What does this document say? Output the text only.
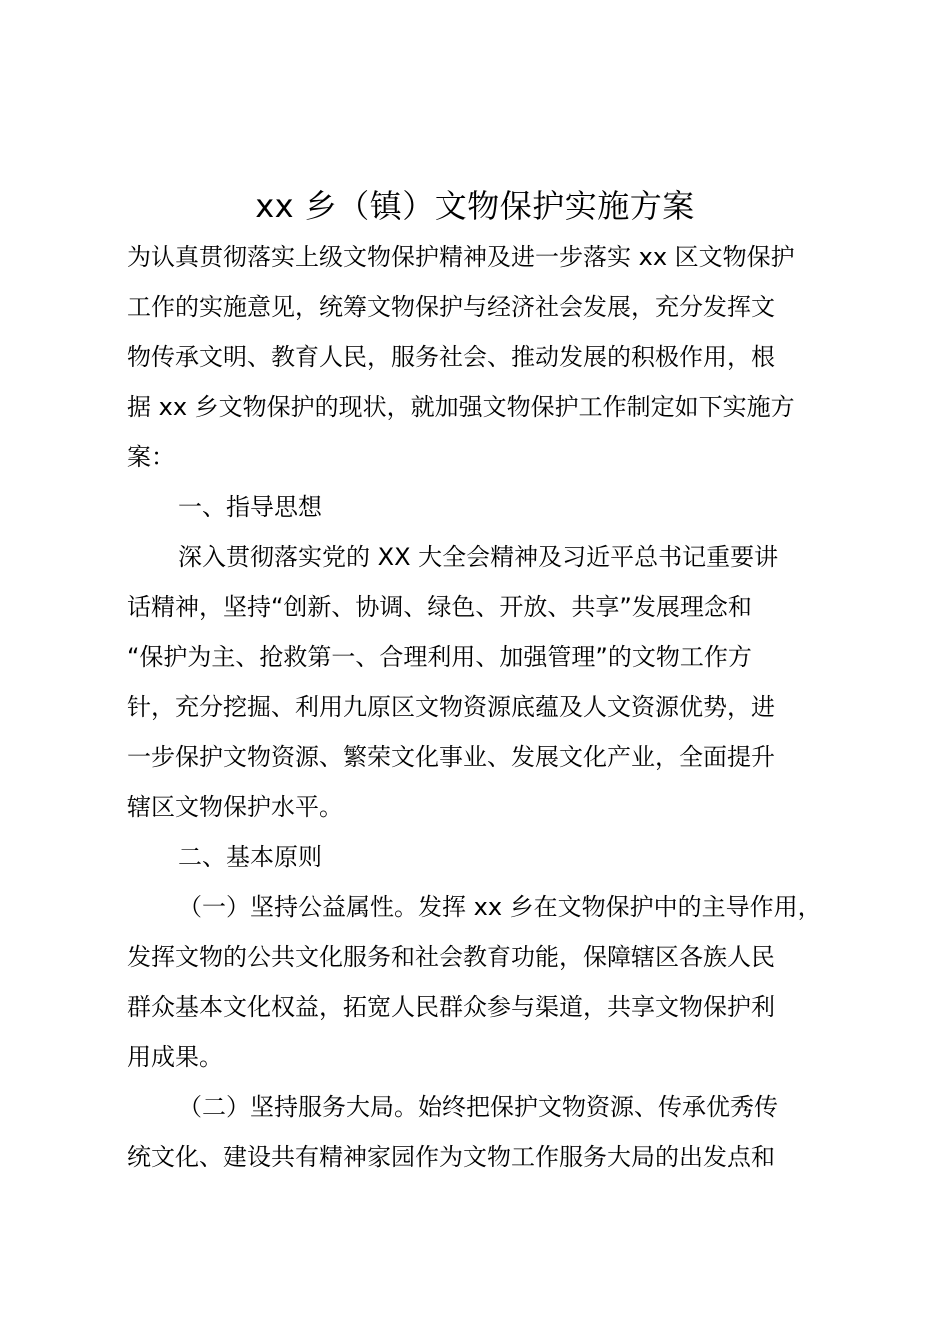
xx 乡（镇）文物保护实施方案
为认真贯彻落实上级文物保护精神及进一步落实 xx 区文物保护
工作的实施意见，统筹文物保护与经济社会发展，充分发挥文
物传承文明、教育人民，服务社会、推动发展的积极作用，根
据 xx 乡文物保护的现状，就加强文物保护工作制定如下实施方
案：
一、指导思想
深入贯彻落实党的 XX 大全会精神及习近平总书记重要讲
话精神，坚持“创新、协调、绿色、开放、共享”发展理念和
“保护为主、抢救第一、合理利用、加强管理”的文物工作方
针，充分挖掘、利用九原区文物资源底蕴及人文资源优势，进
一步保护文物资源、繁荣文化事业、发展文化产业，全面提升
辖区文物保护水平。
二、基本原则
（一）坚持公益属性。发挥 xx 乡在文物保护中的主导作用，
发挥文物的公共文化服务和社会教育功能，保障辖区各族人民
群众基本文化权益，拓宽人民群众参与渠道，共享文物保护利
用成果。
（二）坚持服务大局。始终把保护文物资源、传承优秀传
统文化、建设共有精神家园作为文物工作服务大局的出发点和
